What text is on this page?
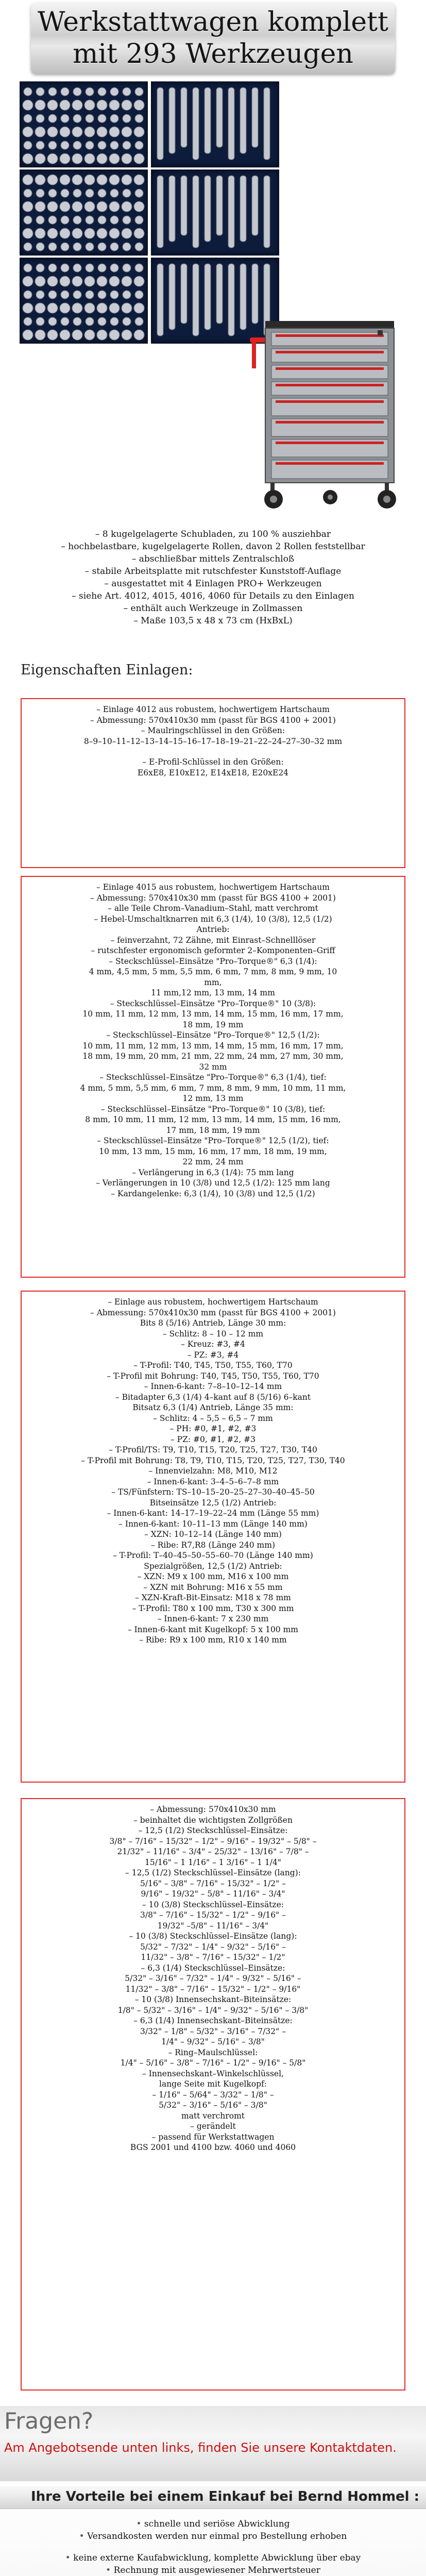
Werkstattwagen komplett
mit 293 Werkzeugen
– 8 kugelgelagerte Schubladen, zu 100 % ausziehbar
– hochbelastbare, kugelgelagerte Rollen, davon 2 Rollen feststellbar
– abschließbar mittels Zentralschloß
– stabile Arbeitsplatte mit rutschfester Kunststoff-Auflage
– ausgestattet mit 4 Einlagen PRO+ Werkzeugen
– siehe Art. 4012, 4015, 4016, 4060 für Details zu den Einlagen
– enthält auch Werkzeuge in Zollmassen
– Maße 103,5 x 48 x 73 cm (HxBxL)
Eigenschaften Einlagen:
– Einlage 4012 aus robustem, hochwertigem Hartschaum
– Abmessung: 570x410x30 mm (passt für BGS 4100 + 2001)
– Maulringschlüssel in den Größen:
8–9–10–11–12–13–14–15–16–17–18–19–21–22–24–27–30–32 mm
– E-Profil-Schlüssel in den Größen:
E6xE8, E10xE12, E14xE18, E20xE24
– Einlage 4015 aus robustem, hochwertigem Hartschaum
– Abmessung: 570x410x30 mm (passt für BGS 4100 + 2001)
– alle Teile Chrom–Vanadium–Stahl, matt verchromt
– Hebel-Umschaltknarren mit 6,3 (1/4), 10 (3/8), 12,5 (1/2)
Antrieb:
– feinverzahnt, 72 Zähne, mit Einrast–Schnelllöser
– rutschfester ergonomisch geformter 2–Komponenten–Griff
– Steckschlüssel–Einsätze "Pro–Torque®" 6,3 (1/4):
4 mm, 4,5 mm, 5 mm, 5,5 mm, 6 mm, 7 mm, 8 mm, 9 mm, 10
mm,
11 mm,12 mm, 13 mm, 14 mm
– Steckschlüssel–Einsätze "Pro–Torque®" 10 (3/8):
10 mm, 11 mm, 12 mm, 13 mm, 14 mm, 15 mm, 16 mm, 17 mm,
18 mm, 19 mm
– Steckschlüssel–Einsätze "Pro–Torque®" 12,5 (1/2):
10 mm, 11 mm, 12 mm, 13 mm, 14 mm, 15 mm, 16 mm, 17 mm,
18 mm, 19 mm, 20 mm, 21 mm, 22 mm, 24 mm, 27 mm, 30 mm,
32 mm
– Steckschlüssel–Einsätze "Pro–Torque®" 6,3 (1/4), tief:
4 mm, 5 mm, 5,5 mm, 6 mm, 7 mm, 8 mm, 9 mm, 10 mm, 11 mm,
12 mm, 13 mm
– Steckschlüssel–Einsätze "Pro–Torque®" 10 (3/8), tief:
8 mm, 10 mm, 11 mm, 12 mm, 13 mm, 14 mm, 15 mm, 16 mm,
17 mm, 18 mm, 19 mm
– Steckschlüssel–Einsätze "Pro–Torque®" 12,5 (1/2), tief:
10 mm, 13 mm, 15 mm, 16 mm, 17 mm, 18 mm, 19 mm,
22 mm, 24 mm
– Verlängerung in 6,3 (1/4): 75 mm lang
– Verlängerungen in 10 (3/8) und 12,5 (1/2): 125 mm lang
– Kardangelenke: 6,3 (1/4), 10 (3/8) und 12,5 (1/2)
– Einlage aus robustem, hochwertigem Hartschaum
– Abmessung: 570x410x30 mm (passt für BGS 4100 + 2001)
Bits 8 (5/16) Antrieb, Länge 30 mm:
– Schlitz: 8 – 10 – 12 mm
– Kreuz: #3, #4
– PZ: #3, #4
– T-Profil: T40, T45, T50, T55, T60, T70
– T-Profil mit Bohrung: T40, T45, T50, T55, T60, T70
– Innen-6-kant: 7–8–10–12–14 mm
– Bitadapter 6,3 (1/4) 4–kant auf 8 (5/16) 6–kant
Bitsatz 6,3 (1/4) Antrieb, Länge 35 mm:
– Schlitz: 4 – 5,5 – 6,5 – 7 mm
– PH: #0, #1, #2, #3
– PZ: #0, #1, #2, #3
– T-Profil/TS: T9, T10, T15, T20, T25, T27, T30, T40
– T-Profil mit Bohrung: T8, T9, T10, T15, T20, T25, T27, T30, T40
– Innenvielzahn: M8, M10, M12
– Innen-6-kant: 3–4–5–6–7–8 mm
– TS/Fünfstern: TS–10–15–20–25–27–30–40–45–50
Bitseinsätze 12,5 (1/2) Antrieb:
– Innen-6-kant: 14–17–19–22–24 mm (Länge 55 mm)
– Innen-6-kant: 10–11–13 mm (Länge 140 mm)
– XZN: 10–12–14 (Länge 140 mm)
– Ribe: R7,R8 (Länge 240 mm)
– T-Profil: T–40–45–50–55–60–70 (Länge 140 mm)
Spezialgrößen, 12,5 (1/2) Antrieb:
– XZN: M9 x 100 mm, M16 x 100 mm
– XZN mit Bohrung: M16 x 55 mm
– XZN-Kraft-Bit-Einsatz: M18 x 78 mm
– T-Profil: T80 x 100 mm, T30 x 300 mm
– Innen-6-kant: 7 x 230 mm
– Innen-6-kant mit Kugelkopf: 5 x 100 mm
– Ribe: R9 x 100 mm, R10 x 140 mm
– Abmessung: 570x410x30 mm
– beinhaltet die wichtigsten Zollgrößen
– 12,5 (1/2) Steckschlüssel–Einsätze:
3/8" – 7/16" – 15/32" – 1/2" – 9/16" – 19/32" – 5/8" –
21/32" – 11/16" – 3/4" – 25/32" – 13/16" – 7/8" –
15/16" – 1 1/16" – 1 3/16" – 1 1/4"
– 12,5 (1/2) Steckschlüssel–Einsätze (lang):
5/16" – 3/8" – 7/16" – 15/32" – 1/2" –
9/16" – 19/32" – 5/8" – 11/16" – 3/4"
– 10 (3/8) Steckschlüssel–Einsätze:
3/8" – 7/16" – 15/32" – 1/2" – 9/16" –
19/32" –5/8" – 11/16" – 3/4"
– 10 (3/8) Steckschlüssel–Einsätze (lang):
5/32" – 7/32" – 1/4" – 9/32" – 5/16" –
11/32" – 3/8" – 7/16" – 15/32" – 1/2"
– 6,3 (1/4) Steckschlüssel–Einsätze:
5/32" – 3/16" – 7/32" – 1/4" – 9/32" – 5/16" –
11/32" – 3/8" – 7/16" – 15/32" – 1/2" – 9/16"
– 10 (3/8) Innensechskant–Biteinsätze:
1/8" – 5/32" – 3/16" – 1/4" – 9/32" – 5/16" – 3/8"
– 6,3 (1/4) Innensechskant–Biteinsätze:
3/32" – 1/8" – 5/32" – 3/16" – 7/32" –
1/4" – 9/32" – 5/16" – 3/8"
– Ring–Maulschlüssel:
1/4" – 5/16" – 3/8" – 7/16" – 1/2" – 9/16" – 5/8"
– Innensechskant–Winkelschlüssel,
lange Seite mit Kugelkopf:
– 1/16" – 5/64" – 3/32" – 1/8" –
5/32" – 3/16" – 5/16" – 3/8"
matt verchromt
– gerändelt
– passend für Werkstattwagen
BGS 2001 und 4100 bzw. 4060 und 4060
Fragen?
Am Angebotsende unten links, finden Sie unsere Kontaktdaten.
Ihre Vorteile bei einem Einkauf bei Bernd Hommel :
• schnelle und seriöse Abwicklung
• Versandkosten werden nur einmal pro Bestellung erhoben
• keine externe Kaufabwicklung, komplette Abwicklung über ebay
• Rechnung mit ausgewiesener Mehrwertsteuer
